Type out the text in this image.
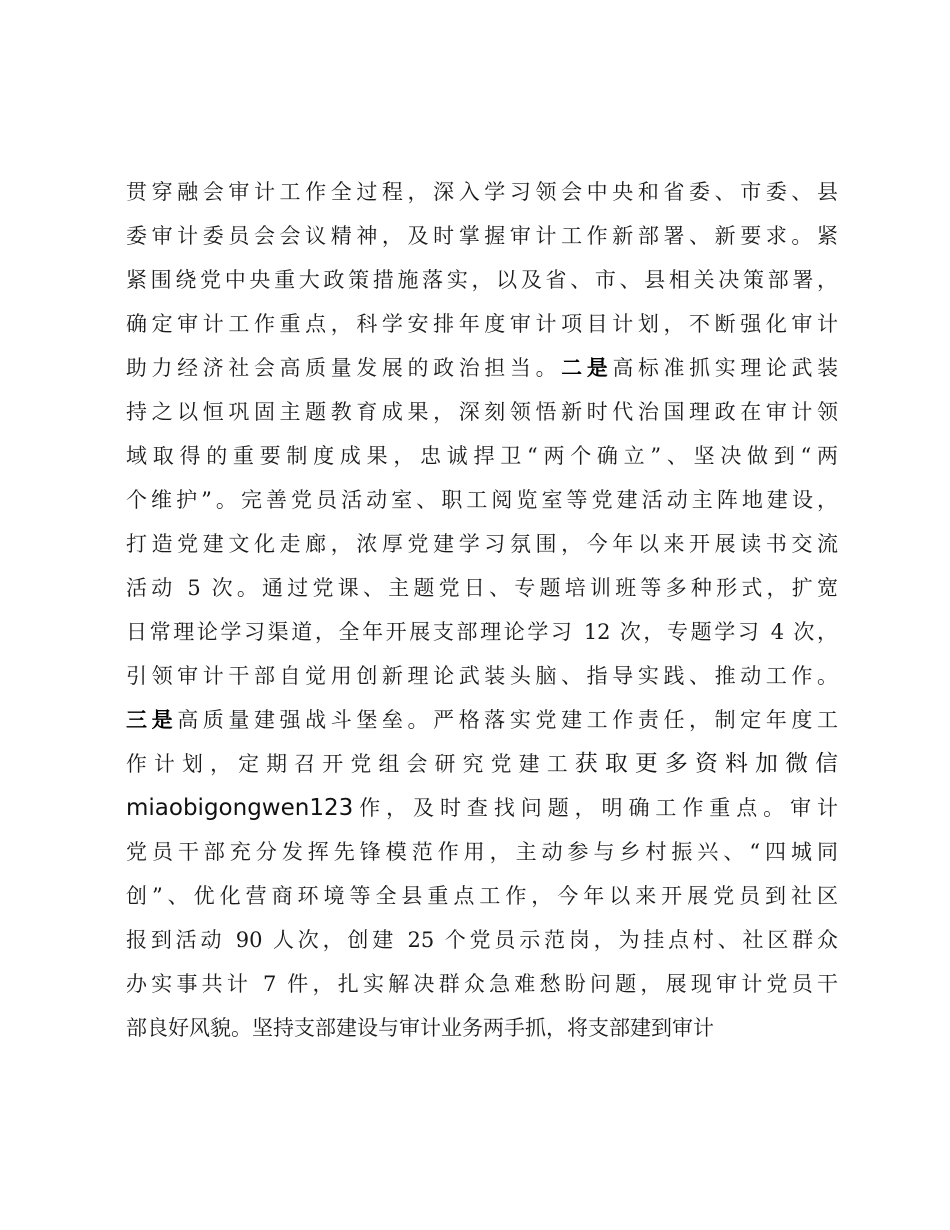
贯穿融会审计工作全过程，深入学习领会中央和省委、市委、县
委审计委员会会议精神，及时掌握审计工作新部署、新要求。紧
紧围绕党中央重大政策措施落实，以及省、市、县相关决策部署，
确定审计工作重点，科学安排年度审计项目计划，不断强化审计
助力经济社会高质量发展的政治担当。二是高标准抓实理论武装
持之以恒巩固主题教育成果，深刻领悟新时代治国理政在审计领
域取得的重要制度成果，忠诚捍卫“两个确立”、坚决做到“两
个维护”。完善党员活动室、职工阅览室等党建活动主阵地建设，
打造党建文化走廊，浓厚党建学习氛围，今年以来开展读书交流
活动 5 次。通过党课、主题党日、专题培训班等多种形式，扩宽
日常理论学习渠道，全年开展支部理论学习 12 次，专题学习 4 次，
引领审计干部自觉用创新理论武装头脑、指导实践、推动工作。
三是高质量建强战斗堡垒。严格落实党建工作责任，制定年度工
作计划，定期召开党组会研究党建工获取更多资料加微信
miaobigongwen123作，及时查找问题，明确工作重点。审计
党员干部充分发挥先锋模范作用，主动参与乡村振兴、“四城同
创”、优化营商环境等全县重点工作，今年以来开展党员到社区
报到活动 90 人次，创建 25 个党员示范岗，为挂点村、社区群众
办实事共计 7 件，扎实解决群众急难愁盼问题，展现审计党员干
部良好风貌。坚持支部建设与审计业务两手抓，将支部建到审计
